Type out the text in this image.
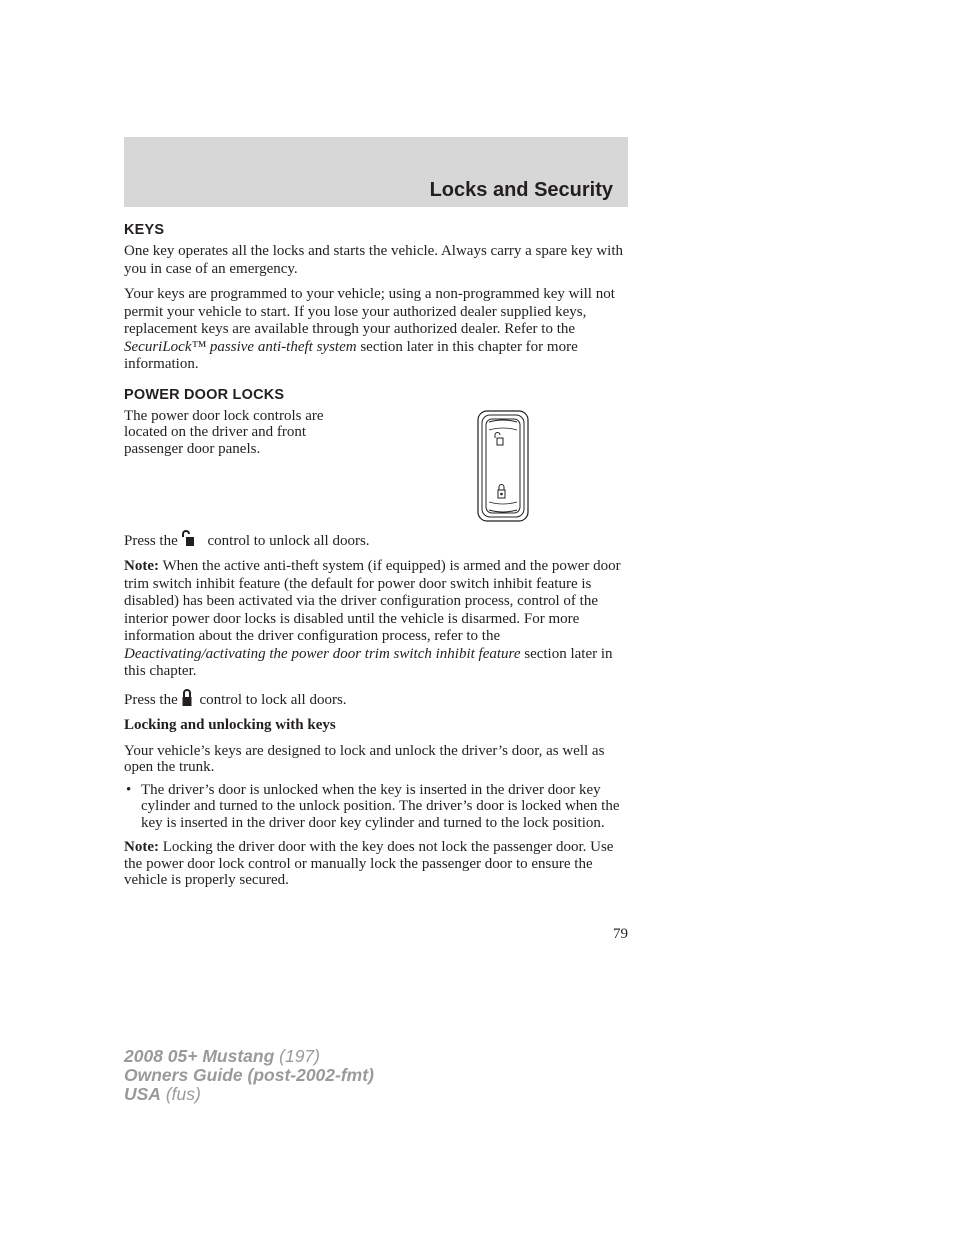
Locks and Security
KEYS

One key operates all the locks and starts the vehicle. Always carry a spare key with you in case of an emergency.

Your keys are programmed to your vehicle; using a non-programmed key will not permit your vehicle to start. If you lose your authorized dealer supplied keys, replacement keys are available through your authorized dealer. Refer to the SecuriLock™ passive anti-theft system section later in this chapter for more information.

POWER DOOR LOCKS

The power door lock controls are located on the driver and front passenger door panels.

Press the control to unlock all doors.

Note: When the active anti-theft system (if equipped) is armed and the power door trim switch inhibit feature (the default for power door switch inhibit feature is disabled) has been activated via the driver configuration process, control of the interior power door locks is disabled until the vehicle is disarmed. For more information about the driver configuration process, refer to the Deactivating/activating the power door trim switch inhibit feature section later in this chapter.

Press the control to lock all doors.

Locking and unlocking with keys

Your vehicle’s keys are designed to lock and unlock the driver’s door, as well as open the trunk.

• The driver’s door is unlocked when the key is inserted in the driver door key cylinder and turned to the unlock position. The driver’s door is locked when the key is inserted in the driver door key cylinder and turned to the lock position.

Note: Locking the driver door with the key does not lock the passenger door. Use the power door lock control or manually lock the passenger door to ensure the vehicle is properly secured.

79
2008 05+ Mustang (197)
Owners Guide (post-2002-fmt)
USA (fus)
